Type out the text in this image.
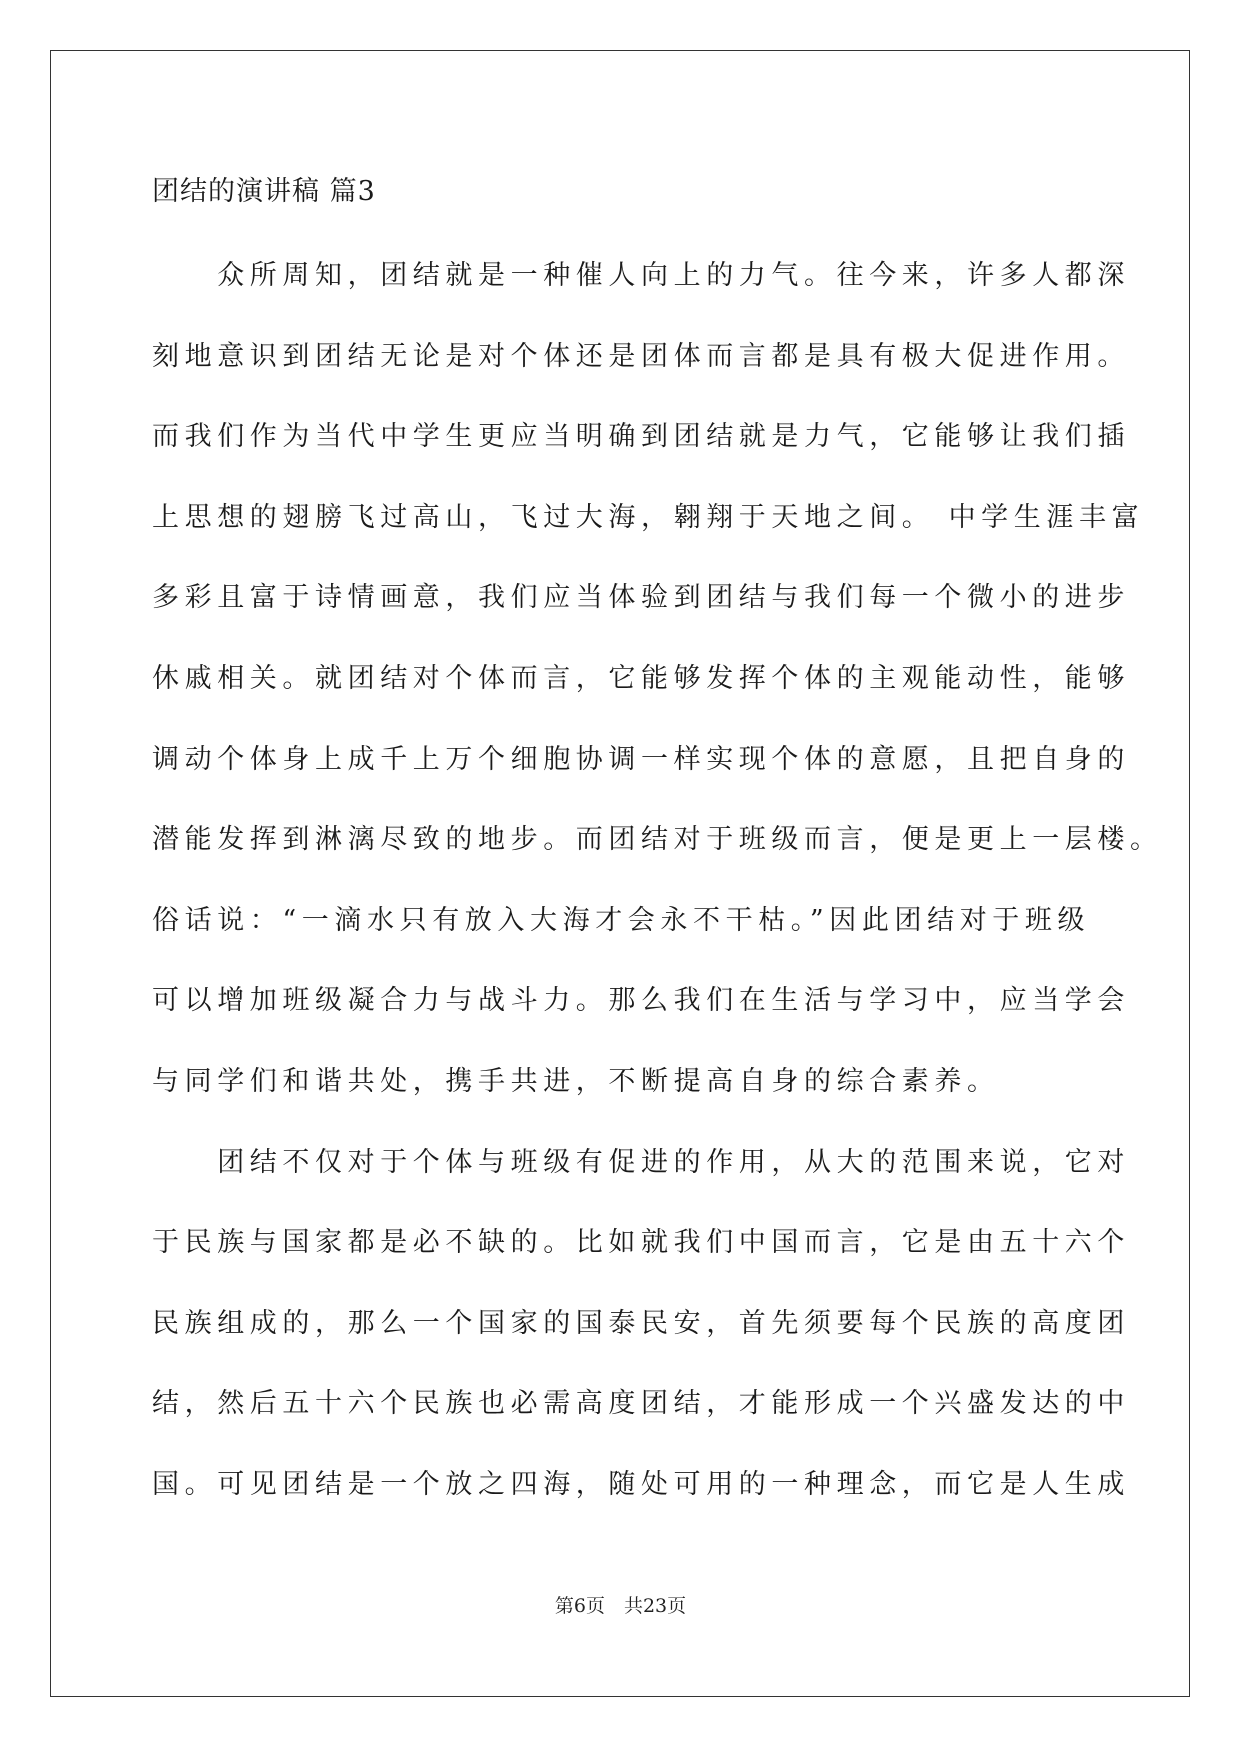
团结的演讲稿 篇3
　　众所周知，团结就是一种催人向上的力气。往今来，许多人都深
刻地意识到团结无论是对个体还是团体而言都是具有极大促进作用。
而我们作为当代中学生更应当明确到团结就是力气，它能够让我们插
上思想的翅膀飞过高山，飞过大海，翱翔于天地之间。 中学生涯丰富
多彩且富于诗情画意，我们应当体验到团结与我们每一个微小的进步
休戚相关。就团结对个体而言，它能够发挥个体的主观能动性，能够
调动个体身上成千上万个细胞协调一样实现个体的意愿，且把自身的
潜能发挥到淋漓尽致的地步。而团结对于班级而言，便是更上一层楼。
俗话说：“一滴水只有放入大海才会永不干枯。”因此团结对于班级
可以增加班级凝合力与战斗力。那么我们在生活与学习中，应当学会
与同学们和谐共处，携手共进，不断提高自身的综合素养。
　　团结不仅对于个体与班级有促进的作用，从大的范围来说，它对
于民族与国家都是必不缺的。比如就我们中国而言，它是由五十六个
民族组成的，那么一个国家的国泰民安，首先须要每个民族的高度团
结，然后五十六个民族也必需高度团结，才能形成一个兴盛发达的中
国。可见团结是一个放之四海，随处可用的一种理念，而它是人生成
第6页　共23页
